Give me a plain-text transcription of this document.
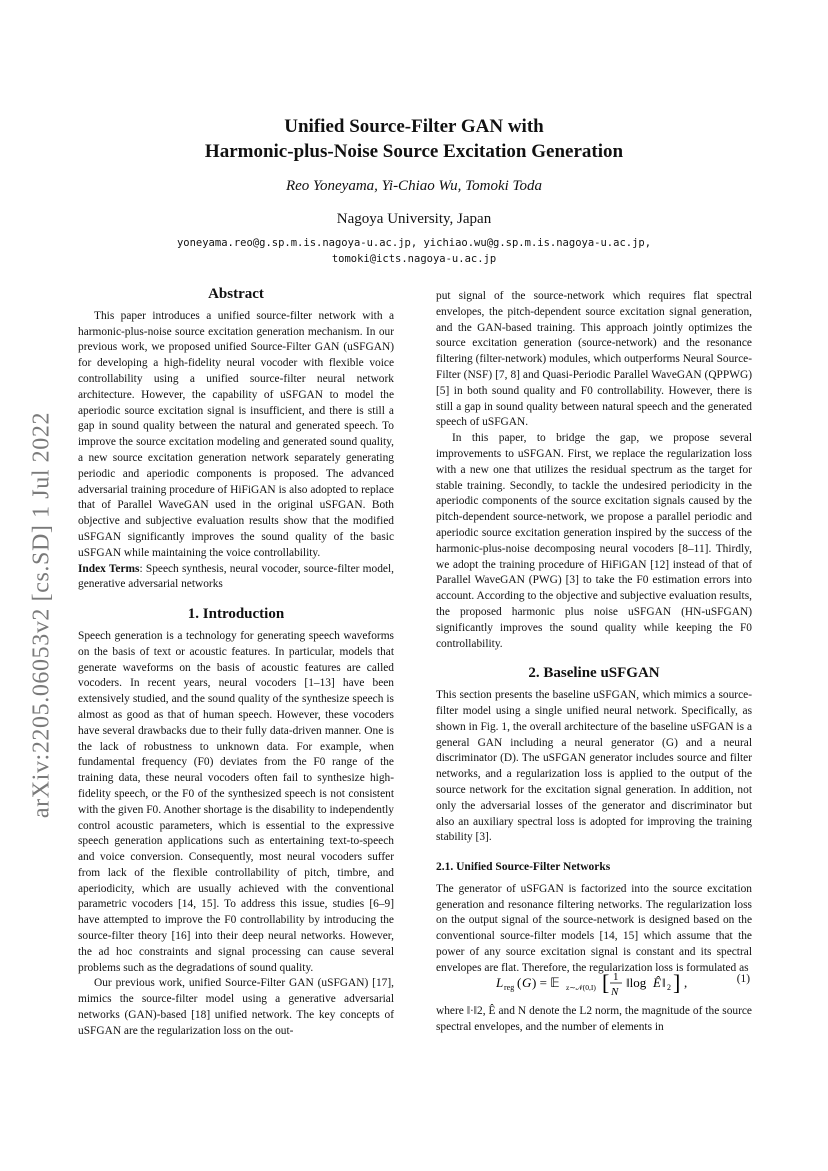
arXiv:2205.06053v2 [cs.SD] 1 Jul 2022
Unified Source-Filter GAN with
Harmonic-plus-Noise Source Excitation Generation
Reo Yoneyama, Yi-Chiao Wu, Tomoki Toda
Nagoya University, Japan
yoneyama.reo@g.sp.m.is.nagoya-u.ac.jp, yichiao.wu@g.sp.m.is.nagoya-u.ac.jp,
tomoki@icts.nagoya-u.ac.jp

Abstract

This paper introduces a unified source-filter network with a harmonic-plus-noise source excitation generation mechanism. In our previous work, we proposed unified Source-Filter GAN (uSFGAN) for developing a high-fidelity neural vocoder with flexible voice controllability using a unified source-filter neural network architecture. However, the capability of uSFGAN to model the aperiodic source excitation signal is insufficient, and there is still a gap in sound quality between the natural and generated speech. To improve the source excitation modeling and generated sound quality, a new source excitation generation network separately generating periodic and aperiodic components is proposed. The advanced adversarial training procedure of HiFiGAN is also adopted to replace that of Parallel WaveGAN used in the original uSFGAN. Both objective and subjective evaluation results show that the modified uSFGAN significantly improves the sound quality of the basic uSFGAN while maintaining the voice controllability.

Index Terms: Speech synthesis, neural vocoder, source-filter model, generative adversarial networks

1. Introduction

Speech generation is a technology for generating speech waveforms on the basis of text or acoustic features. In particular, models that generate waveforms on the basis of acoustic features are called vocoders. In recent years, neural vocoders [1–13] have been extensively studied, and the sound quality of the synthesize speech is almost as good as that of human speech. However, these vocoders have several drawbacks due to their fully data-driven manner. One is the lack of robustness to unknown data. For example, when fundamental frequency (F0) deviates from the F0 range of the training data, these neural vocoders often fail to synthesize high-fidelity speech, or the F0 of the synthesized speech is not consistent with the given F0. Another shortage is the disability to independently control acoustic parameters, which is essential to the expressive speech generation applications such as entertaining text-to-speech and voice conversion. Consequently, most neural vocoders suffer from lack of the flexible controllability of pitch, timbre, and aperiodicity, which are usually achieved with the conventional parametric vocoders [14, 15]. To address this issue, studies [6–9] have attempted to improve the F0 controllability by introducing the source-filter theory [16] into their deep neural networks. However, the ad hoc constraints and signal processing can cause several problems such as the degradations of sound quality.

Our previous work, unified Source-Filter GAN (uSFGAN) [17], mimics the source-filter model using a generative adversarial networks (GAN)-based [18] unified network. The key concepts of uSFGAN are the regularization loss on the out-

put signal of the source-network which requires flat spectral envelopes, the pitch-dependent source excitation signal generation, and the GAN-based training. This approach jointly optimizes the source excitation generation (source-network) and the resonance filtering (filter-network) modules, which outperforms Neural Source-Filter (NSF) [7, 8] and Quasi-Periodic Parallel WaveGAN (QPPWG) [5] in both sound quality and F0 controllability. However, there is still a gap in sound quality between natural speech and the generated speech of uSFGAN.

In this paper, to bridge the gap, we propose several improvements to uSFGAN. First, we replace the regularization loss with a new one that utilizes the residual spectrum as the target for stable training. Secondly, to tackle the undesired periodicity in the aperiodic components of the source excitation signals caused by the pitch-dependent source-network, we propose a parallel periodic and aperiodic source excitation generation inspired by the success of the harmonic-plus-noise decomposing neural vocoders [8–11]. Thirdly, we adopt the training procedure of HiFiGAN [12] instead of that of Parallel WaveGAN (PWG) [3] to take the F0 estimation errors into account. According to the objective and subjective evaluation results, the proposed harmonic plus noise uSFGAN (HN-uSFGAN) significantly improves the sound quality while keeping the F0 controllability.

2. Baseline uSFGAN

This section presents the baseline uSFGAN, which mimics a source-filter model using a single unified neural network. Specifically, as shown in Fig. 1, the overall architecture of the baseline uSFGAN is a general GAN including a neural generator (G) and a neural discriminator (D). The uSFGAN generator includes source and filter networks, and a regularization loss is applied to the output of the source network for the excitation signal generation. In addition, not only the adversarial losses of the generator and discriminator but also an auxiliary spectral loss is adopted for improving the training stability [3].

2.1. Unified Source-Filter Networks

The generator of uSFGAN is factorized into the source excitation generation and resonance filtering networks. The regularization loss on the output signal of the source-network is designed based on the conventional source-filter models [14, 15] which assume that the power of any source excitation signal is constant and its spectral envelopes are flat. Therefore, the regularization loss is formulated as

L reg ( G ) = 𝔼 z∼𝒩(0,I) [ 1
N
‖log Ê ‖ 2 ] ,	(1)

where ‖·‖2, Ê and N denote the L2 norm, the magnitude of the source spectral envelopes, and the number of elements in
